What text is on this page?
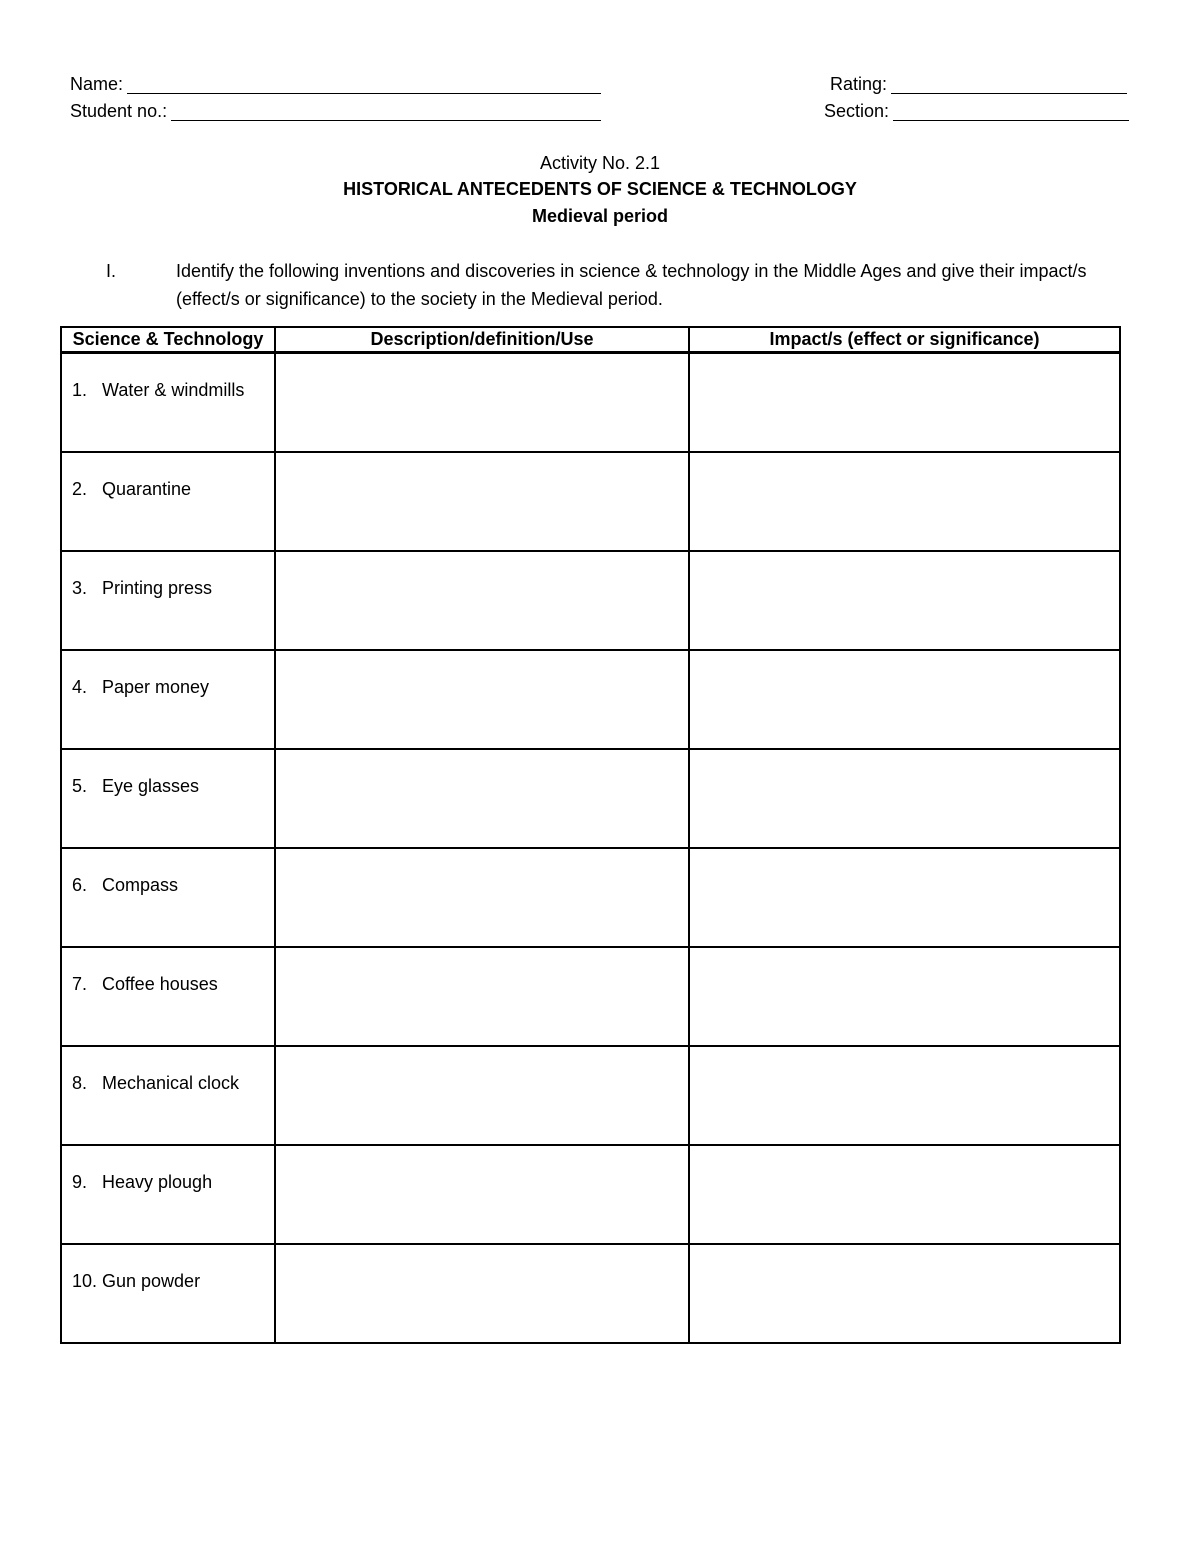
Name:
Student no.:
Rating:
Section:
Activity No. 2.1
HISTORICAL ANTECEDENTS OF SCIENCE & TECHNOLOGY
Medieval period
I.	Identify the following inventions and discoveries in science & technology in the Middle Ages and give their impact/s (effect/s or significance) to the society in the Medieval period.
Science & Technology	Description/definition/Use	Impact/s (effect or significance)
1. Water & windmills		
2. Quarantine		
3. Printing press		
4. Paper money		
5. Eye glasses		
6. Compass		
7. Coffee houses		
8. Mechanical clock		
9. Heavy plough		
10. Gun powder		
